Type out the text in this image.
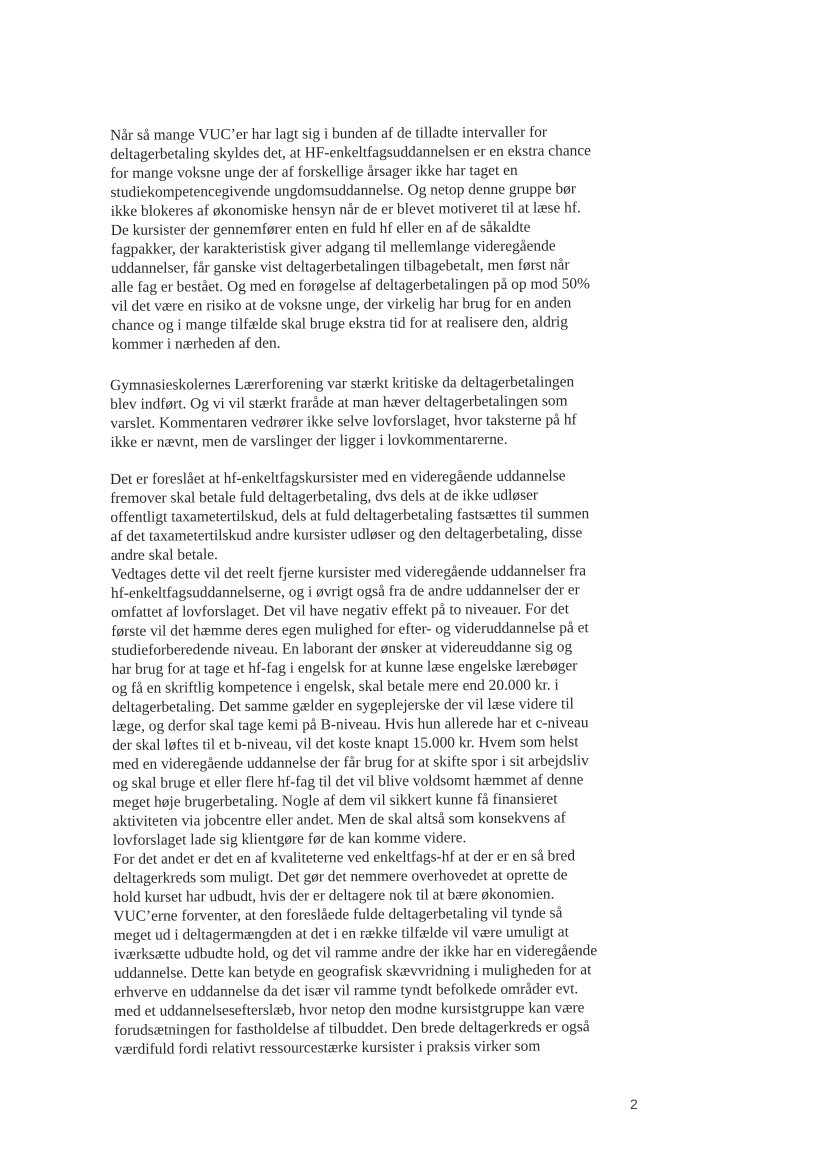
Når så mange VUC’er har lagt sig i bunden af de tilladte intervaller for
deltagerbetaling skyldes det, at HF-enkeltfagsuddannelsen er en ekstra chance
for mange voksne unge der af forskellige årsager ikke har taget en
studiekompetencegivende ungdomsuddannelse. Og netop denne gruppe bør
ikke blokeres af økonomiske hensyn når de er blevet motiveret til at læse hf.
De kursister der gennemfører enten en fuld hf eller en af de såkaldte
fagpakker, der karakteristisk giver adgang til mellemlange videregående
uddannelser, får ganske vist deltagerbetalingen tilbagebetalt, men først når
alle fag er bestået. Og med en forøgelse af deltagerbetalingen på op mod 50%
vil det være en risiko at de voksne unge, der virkelig har brug for en anden
chance og i mange tilfælde skal bruge ekstra tid for at realisere den, aldrig
kommer i nærheden af den.
Gymnasieskolernes Lærerforening var stærkt kritiske da deltagerbetalingen
blev indført. Og vi vil stærkt fraråde at man hæver deltagerbetalingen som
varslet. Kommentaren vedrører ikke selve lovforslaget, hvor taksterne på hf
ikke er nævnt, men de varslinger der ligger i lovkommentarerne.
Det er foreslået at hf-enkeltfagskursister med en videregående uddannelse
fremover skal betale fuld deltagerbetaling, dvs dels at de ikke udløser
offentligt taxametertilskud, dels at fuld deltagerbetaling fastsættes til summen
af det taxametertilskud andre kursister udløser og den deltagerbetaling, disse
andre skal betale.
Vedtages dette vil det reelt fjerne kursister med videregående uddannelser fra
hf-enkeltfagsuddannelserne, og i øvrigt også fra de andre uddannelser der er
omfattet af lovforslaget. Det vil have negativ effekt på to niveauer. For det
første vil det hæmme deres egen mulighed for efter- og videruddannelse på et
studieforberedende niveau. En laborant der ønsker at videreuddanne sig og
har brug for at tage et hf-fag i engelsk for at kunne læse engelske lærebøger
og få en skriftlig kompetence i engelsk, skal betale mere end 20.000 kr. i
deltagerbetaling. Det samme gælder en sygeplejerske der vil læse videre til
læge, og derfor skal tage kemi på B-niveau. Hvis hun allerede har et c-niveau
der skal løftes til et b-niveau, vil det koste knapt 15.000 kr. Hvem som helst
med en videregående uddannelse der får brug for at skifte spor i sit arbejdsliv
og skal bruge et eller flere hf-fag til det vil blive voldsomt hæmmet af denne
meget høje brugerbetaling. Nogle af dem vil sikkert kunne få finansieret
aktiviteten via jobcentre eller andet. Men de skal altså som konsekvens af
lovforslaget lade sig klientgøre før de kan komme videre.
For det andet er det en af kvaliteterne ved enkeltfags-hf at der er en så bred
deltagerkreds som muligt. Det gør det nemmere overhovedet at oprette de
hold kurset har udbudt, hvis der er deltagere nok til at bære økonomien.
VUC’erne forventer, at den foreslåede fulde deltagerbetaling vil tynde så
meget ud i deltagermængden at det i en række tilfælde vil være umuligt at
iværksætte udbudte hold, og det vil ramme andre der ikke har en videregående
uddannelse. Dette kan betyde en geografisk skævvridning i muligheden for at
erhverve en uddannelse da det især vil ramme tyndt befolkede områder evt.
med et uddannelsesefterslæb, hvor netop den modne kursistgruppe kan være
forudsætningen for fastholdelse af tilbuddet. Den brede deltagerkreds er også
værdifuld fordi relativt ressourcestærke kursister i praksis virker som
2
